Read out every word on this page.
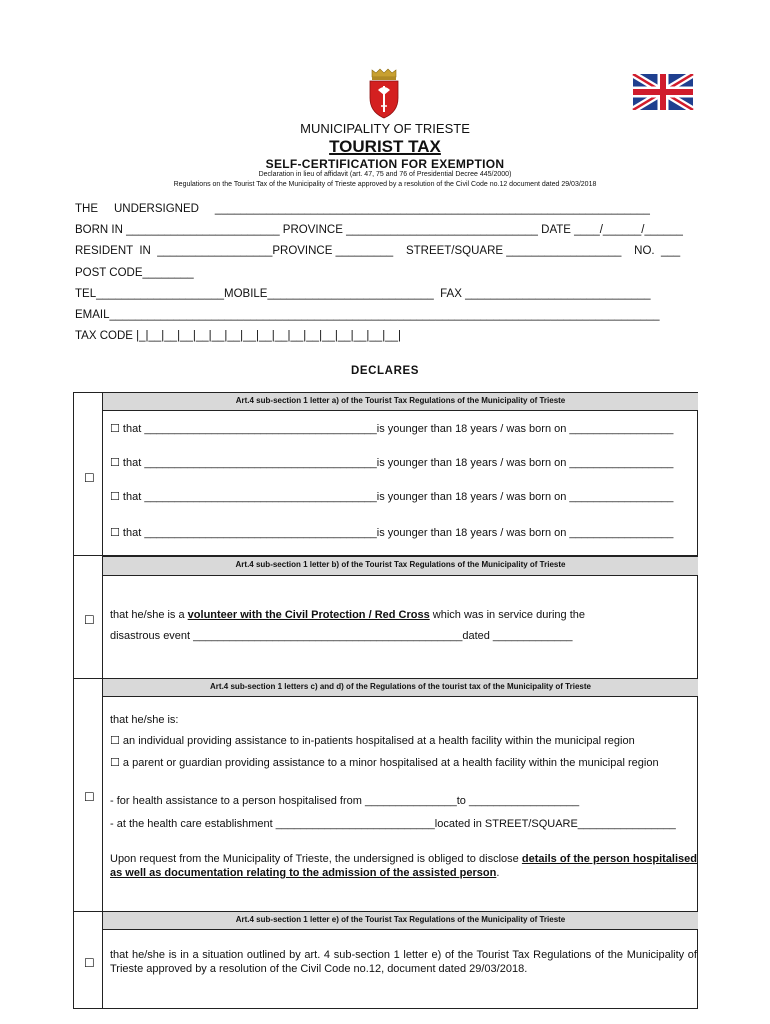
MUNICIPALITY OF TRIESTE
TOURIST TAX
SELF-CERTIFICATION FOR EXEMPTION
Declaration in lieu of affidavit (art. 47, 75 and 76 of Presidential Decree 445/2000)
Regulations on the Tourist Tax of the Municipality of Trieste approved by a resolution of the Civil Code no.12 document dated 29/03/2018
THE     UNDERSIGNED     ____________________________________________________________________
BORN IN ________________________ PROVINCE ______________________________ DATE ____/______/______
RESIDENT  IN  __________________PROVINCE _________    STREET/SQUARE __________________    NO.  ___
POST CODE________
TEL____________________MOBILE__________________________  FAX _____________________________
EMAIL______________________________________________________________________________________
TAX CODE |_|__|__|__|__|__|__|__|__|__|__|__|__|__|__|__|__|
DECLARES
☐
Art.4 sub-section 1 letter a) of the Tourist Tax Regulations of the Municipality of Trieste
☐ that ______________________________________is younger than 18 years / was born on _________________
☐ that ______________________________________is younger than 18 years / was born on _________________
☐ that ______________________________________is younger than 18 years / was born on _________________
☐ that ______________________________________is younger than 18 years / was born on _________________
☐
Art.4 sub-section 1 letter b) of the Tourist Tax Regulations of the Municipality of Trieste
that he/she is a volunteer with the Civil Protection / Red Cross which was in service during the
disastrous event ____________________________________________dated _____________
☐
Art.4 sub-section 1 letters c) and d) of the Regulations of the tourist tax of the Municipality of Trieste
that he/she is:
☐ an individual providing assistance to in-patients hospitalised at a health facility within the municipal region
☐ a parent or guardian providing assistance to a minor hospitalised at a health facility within the municipal region
- for health assistance to a person hospitalised from _______________to __________________
- at the health care establishment __________________________located in STREET/SQUARE________________
Upon request from the Municipality of Trieste, the undersigned is obliged to disclose details of the person hospitalised as well as documentation relating to the admission of the assisted person.
☐
Art.4 sub-section 1 letter e) of the Tourist Tax Regulations of the Municipality of Trieste
that he/she is in a situation outlined by art. 4 sub-section 1 letter e) of the Tourist Tax Regulations of the Municipality of Trieste approved by a resolution of the Civil Code no.12, document dated 29/03/2018.
